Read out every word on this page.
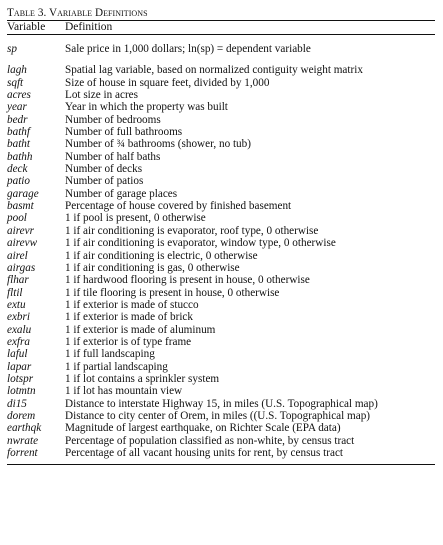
Table 3. Variable Definitions
Variable	Definition
sp	Sale price in 1,000 dollars; ln(sp) = dependent variable
lagh	Spatial lag variable, based on normalized contiguity weight matrix
sqft	Size of house in square feet, divided by 1,000
acres	Lot size in acres
year	Year in which the property was built
bedr	Number of bedrooms
bathf	Number of full bathrooms
batht	Number of ¾ bathrooms (shower, no tub)
bathh	Number of half baths
deck	Number of decks
patio	Number of patios
garage	Number of garage places
basmt	Percentage of house covered by finished basement
pool	1 if pool is present, 0 otherwise
airevr	1 if air conditioning is evaporator, roof type, 0 otherwise
airevw	1 if air conditioning is evaporator, window type, 0 otherwise
airel	1 if air conditioning is electric, 0 otherwise
airgas	1 if air conditioning is gas, 0 otherwise
flhar	1 if hardwood flooring is present in house, 0 otherwise
fltil	1 if tile flooring is present in house, 0 otherwise
extu	1 if exterior is made of stucco
exbri	1 if exterior is made of brick
exalu	1 if exterior is made of aluminum
exfra	1 if exterior is of type frame
laful	1 if full landscaping
lapar	1 if partial landscaping
lotspr	1 if lot contains a sprinkler system
lotmtn	1 if lot has mountain view
di15	Distance to interstate Highway 15, in miles (U.S. Topographical map)
dorem	Distance to city center of Orem, in miles ((U.S. Topographical map)
earthqk	Magnitude of largest earthquake, on Richter Scale (EPA data)
nwrate	Percentage of population classified as non-white, by census tract
forrent	Percentage of all vacant housing units for rent, by census tract
